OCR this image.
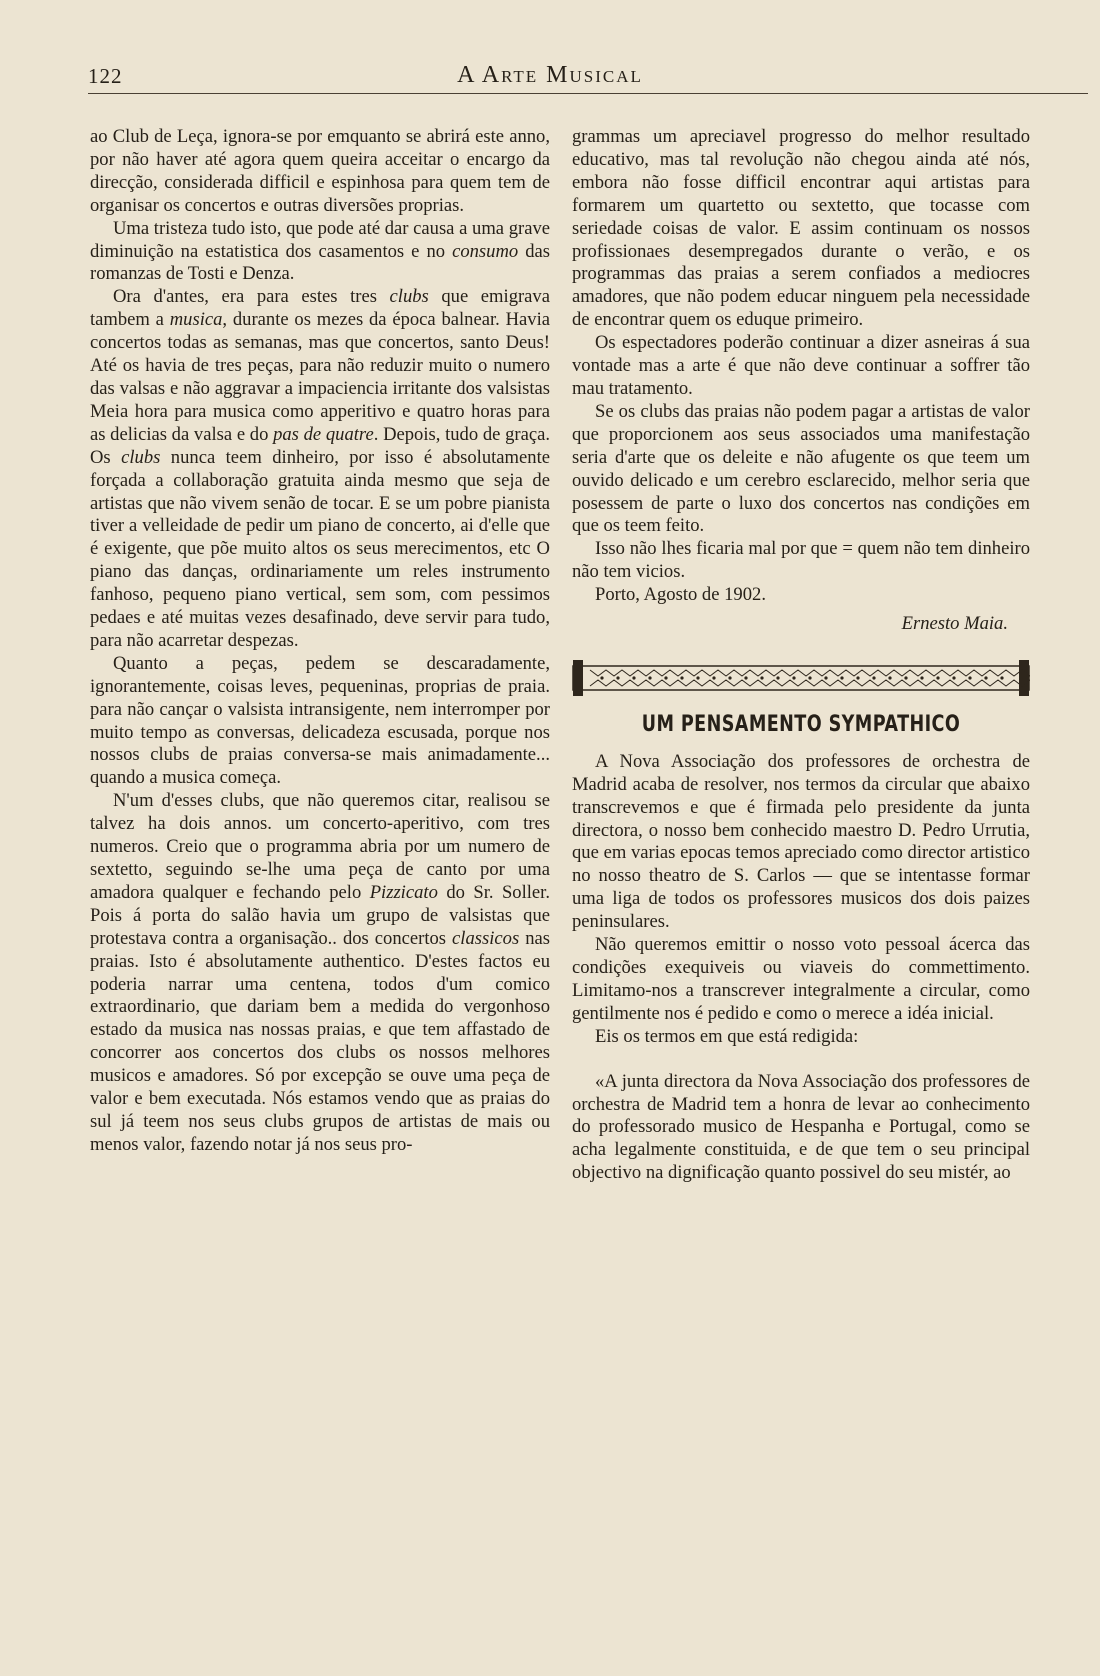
122	A Arte Musical

ao Club de Leça, ignora-se por emquanto se abrirá este anno, por não haver até agora quem queira acceitar o encargo da direcção, considerada difficil e espinhosa para quem tem de organisar os concertos e outras diversões proprias.

Uma tristeza tudo isto, que pode até dar causa a uma grave diminuição na estatistica dos casamentos e no consumo das romanzas de Tosti e Denza.

Ora d'antes, era para estes tres clubs que emigrava tambem a musica, durante os mezes da época balnear. Havia concertos todas as semanas, mas que concertos, santo Deus! Até os havia de tres peças, para não reduzir muito o numero das valsas e não aggravar a impaciencia irritante dos valsistas Meia hora para musica como apperitivo e quatro horas para as delicias da valsa e do pas de quatre. Depois, tudo de graça. Os clubs nunca teem dinheiro, por isso é absolutamente forçada a collaboração gratuita ainda mesmo que seja de artistas que não vivem senão de tocar. E se um pobre pianista tiver a velleidade de pedir um piano de concerto, ai d'elle que é exigente, que põe muito altos os seus merecimentos, etc O piano das danças, ordinariamente um reles instrumento fanhoso, pequeno piano vertical, sem som, com pessimos pedaes e até muitas vezes desafinado, deve servir para tudo, para não acarretar despezas.

Quanto a peças, pedem se descaradamente, ignorantemente, coisas leves, pequeninas, proprias de praia. para não cançar o valsista intransigente, nem interromper por muito tempo as conversas, delicadeza escusada, porque nos nossos clubs de praias conversa-se mais animadamente... quando a musica começa.

N'um d'esses clubs, que não queremos citar, realisou se talvez ha dois annos. um concerto-aperitivo, com tres numeros. Creio que o programma abria por um numero de sextetto, seguindo se-lhe uma peça de canto por uma amadora qualquer e fechando pelo Pizzicato do Sr. Soller. Pois á porta do salão havia um grupo de valsistas que protestava contra a organisação.. dos concertos classicos nas praias. Isto é absolutamente authentico. D'estes factos eu poderia narrar uma centena, todos d'um comico extraordinario, que dariam bem a medida do vergonhoso estado da musica nas nossas praias, e que tem affastado de concorrer aos concertos dos clubs os nossos melhores musicos e amadores. Só por excepção se ouve uma peça de valor e bem executada. Nós estamos vendo que as praias do sul já teem nos seus clubs grupos de artistas de mais ou menos valor, fazendo notar já nos seus pro-

grammas um apreciavel progresso do melhor resultado educativo, mas tal revolução não chegou ainda até nós, embora não fosse difficil encontrar aqui artistas para formarem um quartetto ou sextetto, que tocasse com seriedade coisas de valor. E assim continuam os nossos profissionaes desempregados durante o verão, e os programmas das praias a serem confiados a mediocres amadores, que não podem educar ninguem pela necessidade de encontrar quem os eduque primeiro.

Os espectadores poderão continuar a dizer asneiras á sua vontade mas a arte é que não deve continuar a soffrer tão mau tratamento.

Se os clubs das praias não podem pagar a artistas de valor que proporcionem aos seus associados uma manifestação seria d'arte que os deleite e não afugente os que teem um ouvido delicado e um cerebro esclarecido, melhor seria que posessem de parte o luxo dos concertos nas condições em que os teem feito.

Isso não lhes ficaria mal por que = quem não tem dinheiro não tem vicios.

Porto, Agosto de 1902.

Ernesto Maia.

UM PENSAMENTO SYMPATHICO

A Nova Associação dos professores de orchestra de Madrid acaba de resolver, nos termos da circular que abaixo transcrevemos e que é firmada pelo presidente da junta directora, o nosso bem conhecido maestro D. Pedro Urrutia, que em varias epocas temos apreciado como director artistico no nosso theatro de S. Carlos — que se intentasse formar uma liga de todos os professores musicos dos dois paizes peninsulares.

Não queremos emittir o nosso voto pessoal ácerca das condições exequiveis ou viaveis do commettimento. Limitamo-nos a transcrever integralmente a circular, como gentilmente nos é pedido e como o merece a idéa inicial.

Eis os termos em que está redigida:

«A junta directora da Nova Associação dos professores de orchestra de Madrid tem a honra de levar ao conhecimento do professorado musico de Hespanha e Portugal, como se acha legalmente constituida, e de que tem o seu principal objectivo na dignificação quanto possivel do seu mistér, ao
